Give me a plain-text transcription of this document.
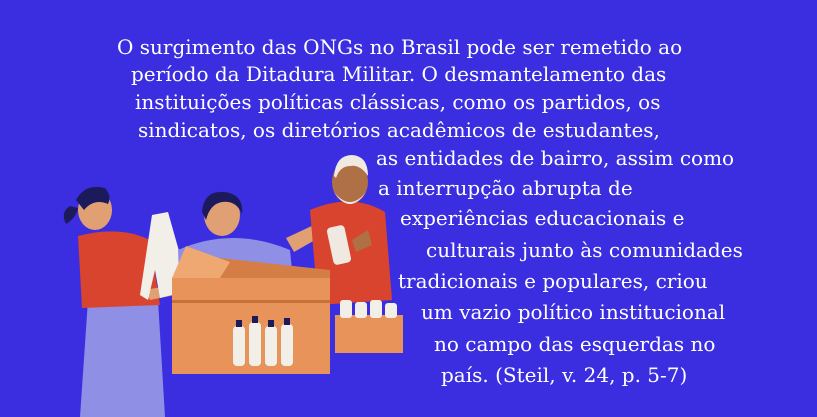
O surgimento das ONGs no Brasil pode ser remetido ao
período da Ditadura Militar. O desmantelamento das
instituições políticas clássicas, como os partidos, os
sindicatos, os diretórios acadêmicos de estudantes,
as entidades de bairro, assim como
a interrupção abrupta de
experiências educacionais e
culturais junto às comunidades
tradicionais e populares, criou
um vazio político institucional
no campo das esquerdas no
país. (Steil, v. 24, p. 5-7)
